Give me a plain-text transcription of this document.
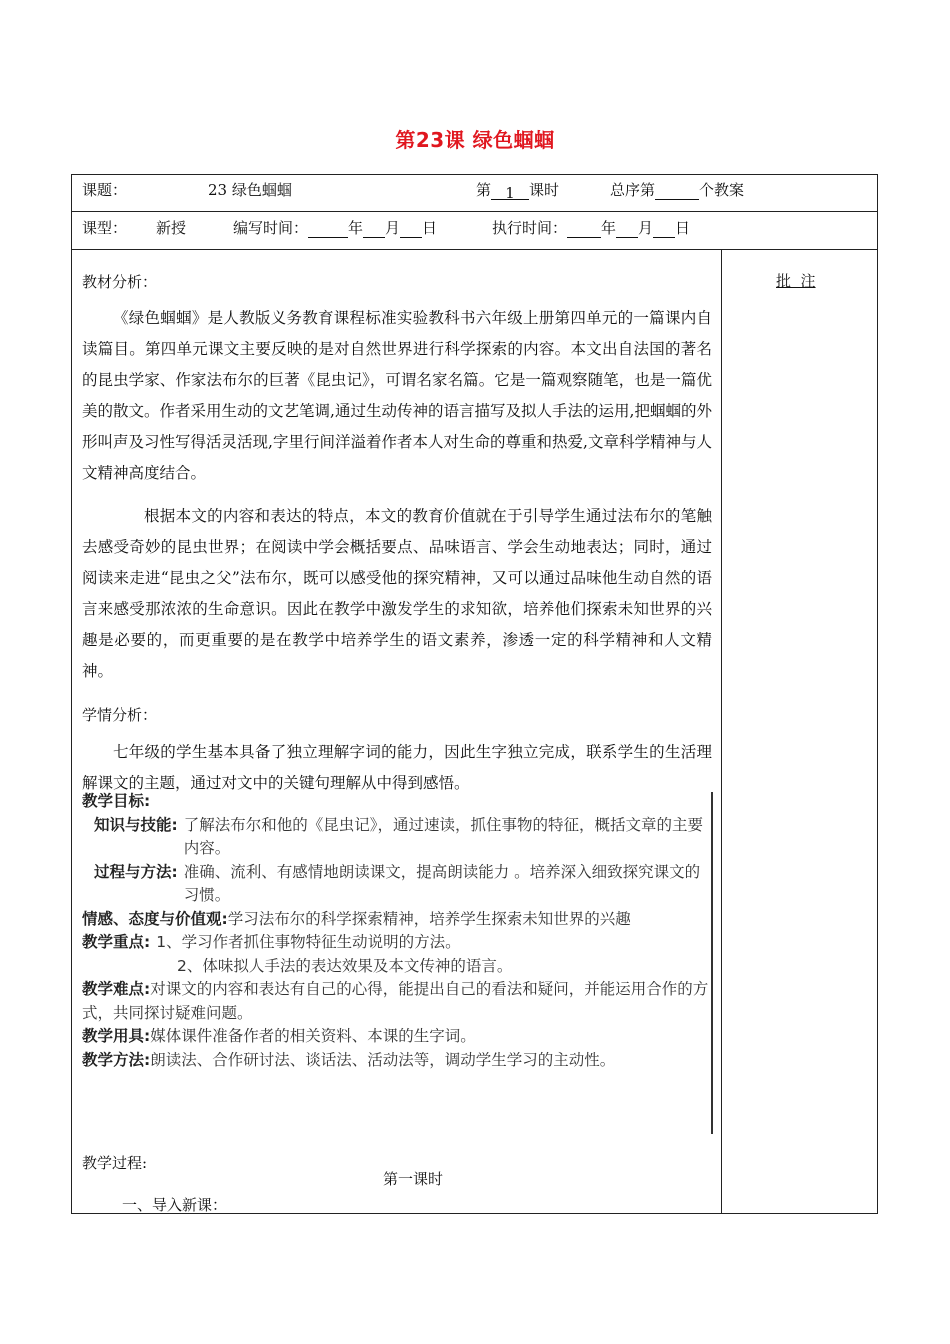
第23课 绿色蝈蝈
课题：	23 绿色蝈蝈	第 1 课时	总序第	个教案
课型： 新授	编写时间：	年 月 日	执行时间： 年 月 日
批  注
教材分析：

《绿色蝈蝈》是人教版义务教育课程标准实验教科书六年级上册第四单元的一篇课内自读篇目。第四单元课文主要反映的是对自然世界进行科学探索的内容。本文出自法国的著名的昆虫学家、作家法布尔的巨著《昆虫记》，可谓名家名篇。它是一篇观察随笔，也是一篇优美的散文。作者采用生动的文艺笔调,通过生动传神的语言描写及拟人手法的运用,把蝈蝈的外形叫声及习性写得活灵活现,字里行间洋溢着作者本人对生命的尊重和热爱,文章科学精神与人文精神高度结合。

根据本文的内容和表达的特点，本文的教育价值就在于引导学生通过法布尔的笔触去感受奇妙的昆虫世界；在阅读中学会概括要点、品味语言、学会生动地表达；同时，通过阅读来走进“昆虫之父”法布尔，既可以感受他的探究精神，又可以通过品味他生动自然的语言来感受那浓浓的生命意识。因此在教学中激发学生的求知欲，培养他们探索未知世界的兴趣是必要的，而更重要的是在教学中培养学生的语文素养，渗透一定的科学精神和人文精神。

学情分析：

七年级的学生基本具备了独立理解字词的能力，因此生字独立完成，联系学生的生活理解课文的主题，通过对文中的关键句理解从中得到感悟。

教学目标:
知识与技能: 了解法布尔和他的《昆虫记》，通过速读，抓住事物的特征，概括文章的主要内容。
过程与方法: 准确、流利、有感情地朗读课文，提高朗读能力 。培养深入细致探究课文的习惯。
情感、态度与价值观:学习法布尔的科学探索精神，培养学生探索未知世界的兴趣
教学重点: 1、学习作者抓住事物特征生动说明的方法。
2、体味拟人手法的表达效果及本文传神的语言。
教学难点:对课文的内容和表达有自己的心得，能提出自己的看法和疑问，并能运用合作的方式，共同探讨疑难问题。
教学用具:媒体课件准备作者的相关资料、本课的生字词。
教学方法:朗读法、合作研讨法、谈话法、活动法等，调动学生学习的主动性。
教学过程:
第一课时
一、导入新课：
